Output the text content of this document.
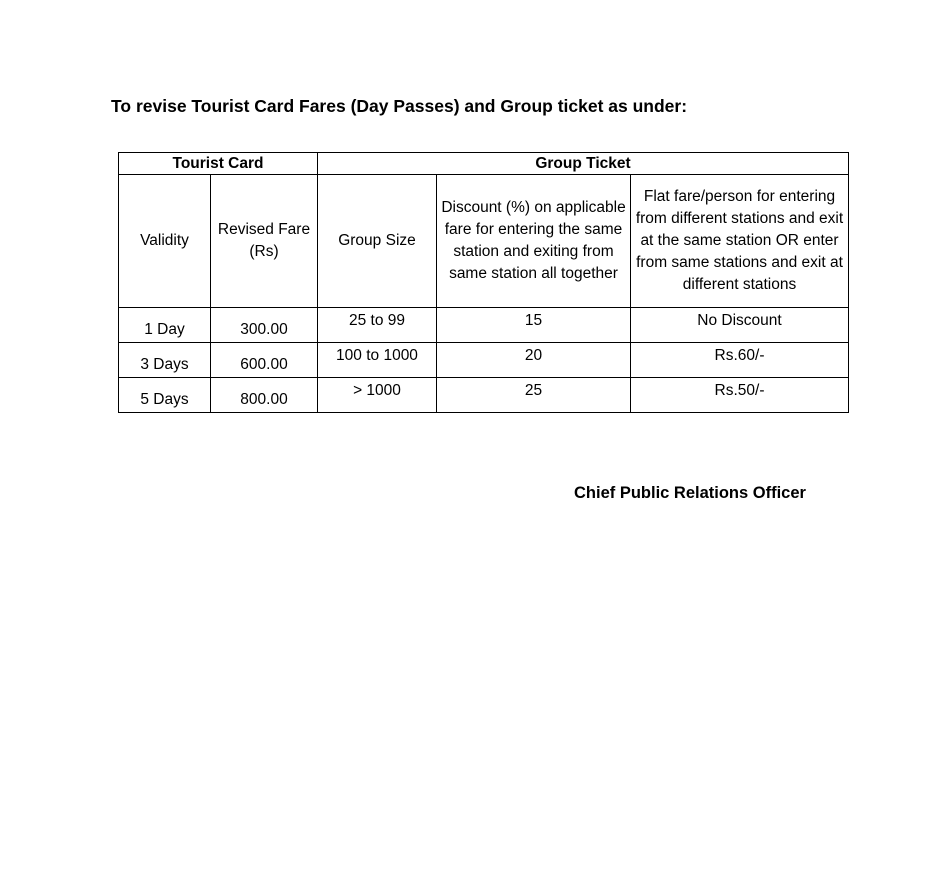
To revise Tourist Card Fares (Day Passes) and Group ticket as under:
Tourist Card		Group Ticket		
Validity	Revised Fare (Rs)	Group Size	Discount (%) on applicable fare for entering the same station and exiting from same station all together	Flat fare/person for entering from different stations and exit at the same station OR enter from same stations and exit at different stations
1 Day	300.00	25 to 99	15	No Discount
3 Days	600.00	100 to 1000	20	Rs.60/-
5 Days	800.00	> 1000	25	Rs.50/-
Chief Public Relations Officer
